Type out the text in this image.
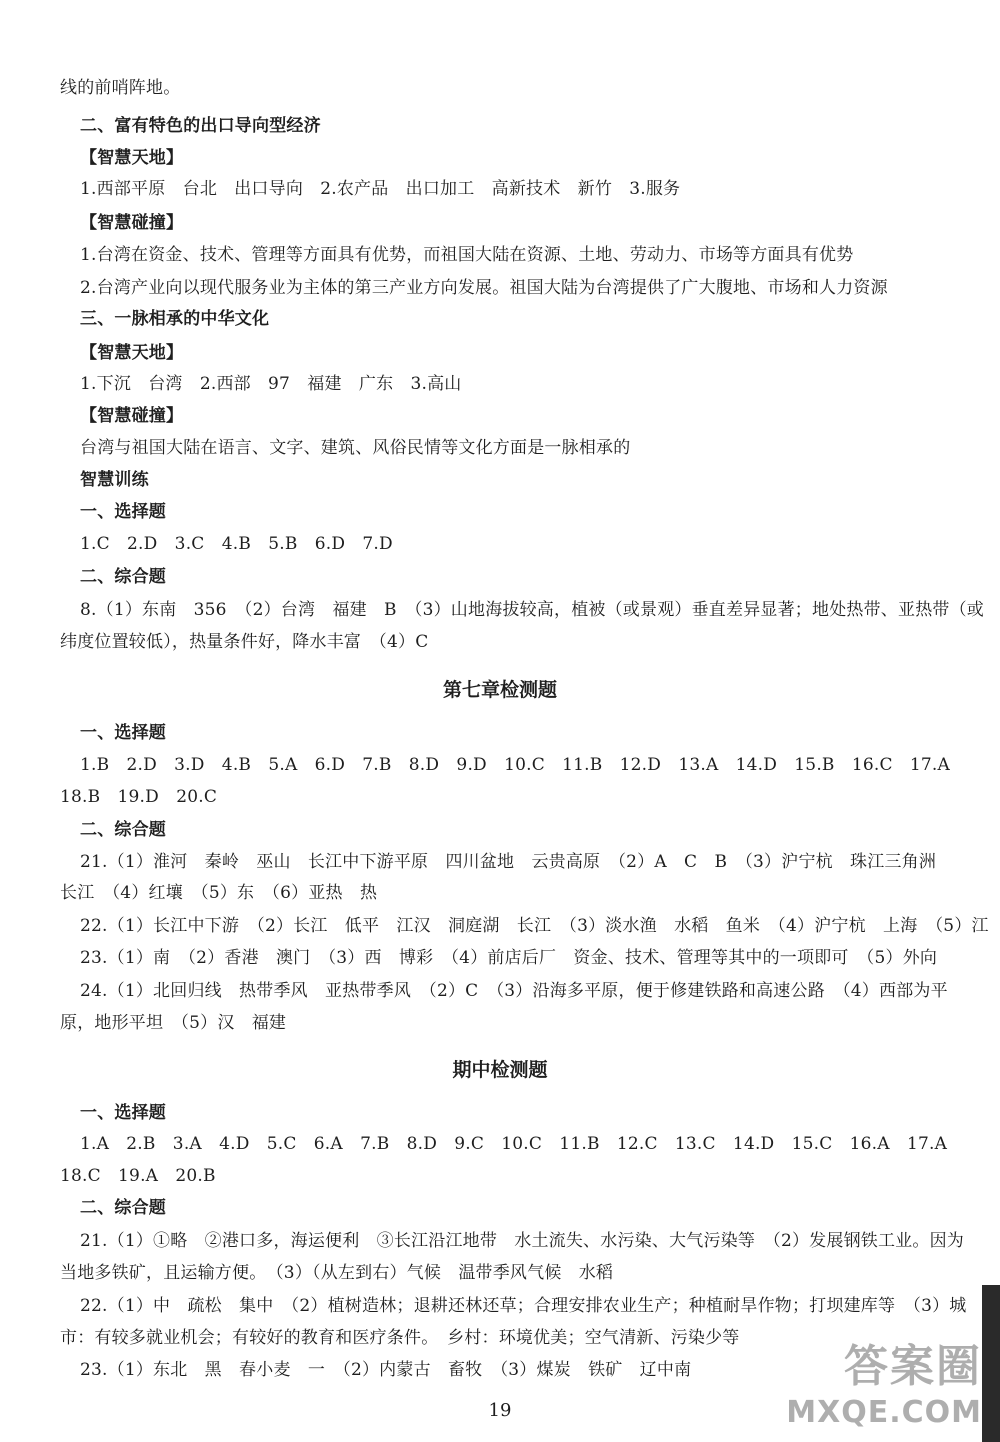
线的前哨阵地。
二、富有特色的出口导向型经济
【智慧天地】
1.西部平原　台北　出口导向　2.农产品　出口加工　高新技术　新竹　3.服务
【智慧碰撞】
1.台湾在资金、技术、管理等方面具有优势，而祖国大陆在资源、土地、劳动力、市场等方面具有优势
2.台湾产业向以现代服务业为主体的第三产业方向发展。祖国大陆为台湾提供了广大腹地、市场和人力资源
三、一脉相承的中华文化
【智慧天地】
1.下沉　台湾　2.西部　97　福建　广东　3.高山
【智慧碰撞】
台湾与祖国大陆在语言、文字、建筑、风俗民情等文化方面是一脉相承的
智慧训练
一、选择题
1.C　2.D　3.C　4.B　5.B　6.D　7.D
二、综合题
8.（1）东南　356　（2）台湾　福建　B　（3）山地海拔较高，植被（或景观）垂直差异显著；地处热带、亚热带（或
纬度位置较低），热量条件好，降水丰富　（4）C
第七章检测题
一、选择题
1.B　2.D　3.D　4.B　5.A　6.D　7.B　8.D　9.D　10.C　11.B　12.D　13.A　14.D　15.B　16.C　17.A
18.B　19.D　20.C
二、综合题
21.（1）淮河　秦岭　巫山　长江中下游平原　四川盆地　云贵高原　（2）A　C　B　（3）沪宁杭　珠江三角洲
长江　（4）红壤　（5）东　（6）亚热　热
22.（1）长江中下游　（2）长江　低平　江汉　洞庭湖　长江　（3）淡水渔　水稻　鱼米　（4）沪宁杭　上海　（5）江
23.（1）南　（2）香港　澳门　（3）西　博彩　（4）前店后厂　资金、技术、管理等其中的一项即可　（5）外向
24.（1）北回归线　热带季风　亚热带季风　（2）C　（3）沿海多平原，便于修建铁路和高速公路　（4）西部为平
原，地形平坦　（5）汉　福建
期中检测题
一、选择题
1.A　2.B　3.A　4.D　5.C　6.A　7.B　8.D　9.C　10.C　11.B　12.C　13.C　14.D　15.C　16.A　17.A
18.C　19.A　20.B
二、综合题
21.（1）①略　②港口多，海运便利　③长江沿江地带　水土流失、水污染、大气污染等　（2）发展钢铁工业。因为
当地多铁矿，且运输方便。　（3）（从左到右）气候　温带季风气候　水稻
22.（1）中　疏松　集中　（2）植树造林；退耕还林还草；合理安排农业生产；种植耐旱作物；打坝建库等　（3）城
市：有较多就业机会；有较好的教育和医疗条件。　乡村：环境优美；空气清新、污染少等
23.（1）东北　黑　春小麦　一　（2）内蒙古　畜牧　（3）煤炭　铁矿　辽中南
19
答案圈
MXQE.COM
